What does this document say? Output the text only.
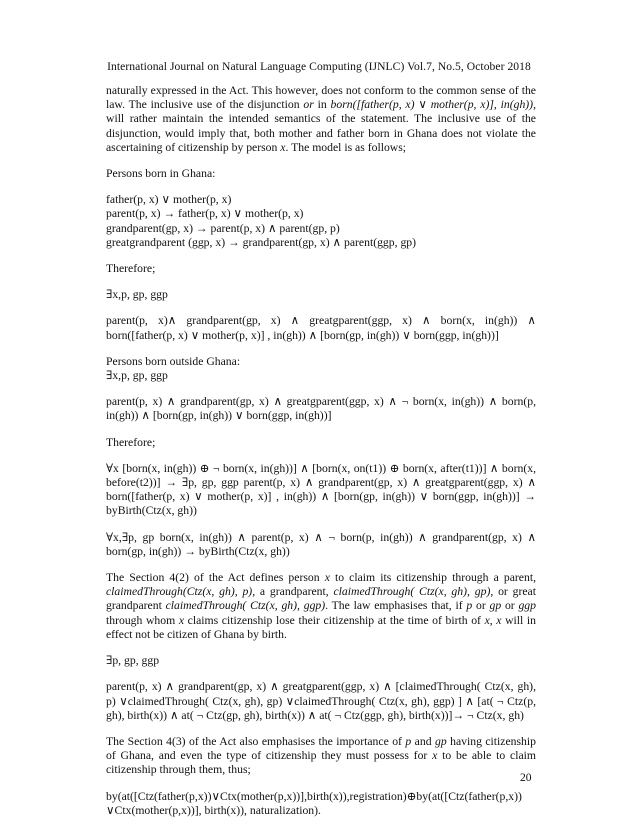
International Journal on Natural Language Computing (IJNLC) Vol.7, No.5, October 2018

naturally expressed in the Act. This however, does not conform to the common sense of the law. The inclusive use of the disjunction or in born([father(p, x) ∨ mother(p, x)], in(gh)), will rather maintain the intended semantics of the statement. The inclusive use of the disjunction, would imply that, both mother and father born in Ghana does not violate the ascertaining of citizenship by person x. The model is as follows;

Persons born in Ghana:

father(p, x) ∨ mother(p, x)
parent(p, x) → father(p, x) ∨ mother(p, x)
grandparent(gp, x) → parent(p, x) ∧ parent(gp, p)
greatgrandparent (ggp, x) → grandparent(gp, x) ∧ parent(ggp, gp)

Therefore;

∃x,p, gp, ggp

parent(p, x)∧ grandparent(gp, x) ∧ greatgparent(ggp, x) ∧ born(x, in(gh)) ∧ born([father(p, x) ∨ mother(p, x)] , in(gh)) ∧ [born(gp, in(gh)) ∨ born(ggp, in(gh))]

Persons born outside Ghana:

∃x,p, gp, ggp

parent(p, x) ∧ grandparent(gp, x) ∧ greatgparent(ggp, x) ∧ ¬ born(x, in(gh)) ∧ born(p, in(gh)) ∧ [born(gp, in(gh)) ∨ born(ggp, in(gh))]

Therefore;

∀x [born(x, in(gh)) ⊕ ¬ born(x, in(gh))] ∧ [born(x, on(t1)) ⊕ born(x, after(t1))] ∧ born(x, before(t2))] → ∃p, gp, ggp parent(p, x) ∧ grandparent(gp, x) ∧ greatgparent(ggp, x) ∧ born([father(p, x) ∨ mother(p, x)] , in(gh)) ∧ [born(gp, in(gh)) ∨ born(ggp, in(gh))] → byBirth(Ctz(x, gh))

∀x,∃p, gp born(x, in(gh)) ∧ parent(p, x) ∧ ¬ born(p, in(gh)) ∧ grandparent(gp, x) ∧ born(gp, in(gh)) → byBirth(Ctz(x, gh))

The Section 4(2) of the Act defines person x to claim its citizenship through a parent, claimedThrough(Ctz(x, gh), p), a grandparent, claimedThrough( Ctz(x, gh), gp), or great grandparent claimedThrough( Ctz(x, gh), ggp). The law emphasises that, if p or gp or ggp through whom x claims citizenship lose their citizenship at the time of birth of x, x will in effect not be citizen of Ghana by birth.

∃p, gp, ggp

parent(p, x) ∧ grandparent(gp, x) ∧ greatgparent(ggp, x) ∧ [claimedThrough( Ctz(x, gh), p) ∨claimedThrough( Ctz(x, gh), gp) ∨claimedThrough( Ctz(x, gh), ggp) ] ∧ [at( ¬ Ctz(p, gh), birth(x)) ∧ at( ¬ Ctz(gp, gh), birth(x)) ∧ at( ¬ Ctz(ggp, gh), birth(x))]→ ¬ Ctz(x, gh)

The Section 4(3) of the Act also emphasises the importance of p and gp having citizenship of Ghana, and even the type of citizenship they must possess for x to be able to claim citizenship through them, thus;

by(at([Ctz(father(p,x))∨Ctx(mother(p,x))],birth(x)),registration)⊕by(at([Ctz(father(p,x)) ∨Ctx(mother(p,x))], birth(x)), naturalization).

20
